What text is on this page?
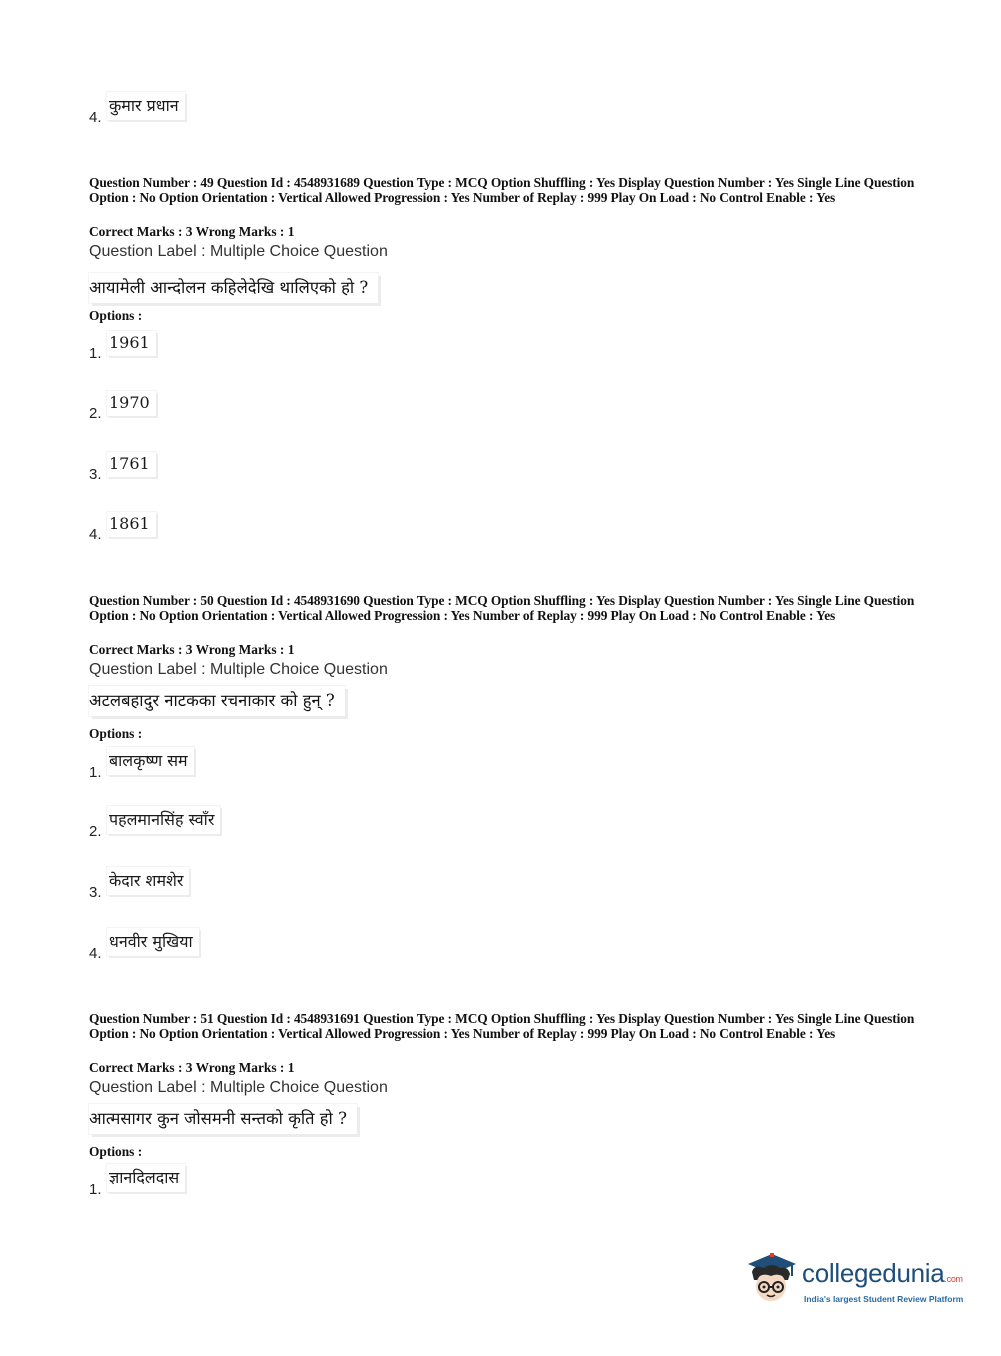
4.
कुमार प्रधान
Question Number : 49 Question Id : 4548931689 Question Type : MCQ Option Shuffling : Yes Display Question Number : Yes Single Line Question Option : No Option Orientation : Vertical Allowed Progression : Yes Number of Replay : 999 Play On Load : No Control Enable : Yes
Correct Marks : 3 Wrong Marks : 1
Question Label : Multiple Choice Question
आयामेली आन्दोलन कहिलेदेखि थालिएको हो ?
Options :
1.
1961
2.
1970
3.
1761
4.
1861
Question Number : 50 Question Id : 4548931690 Question Type : MCQ Option Shuffling : Yes Display Question Number : Yes Single Line Question Option : No Option Orientation : Vertical Allowed Progression : Yes Number of Replay : 999 Play On Load : No Control Enable : Yes
Correct Marks : 3 Wrong Marks : 1
Question Label : Multiple Choice Question
अटलबहादुर नाटकका रचनाकार को हुन् ?
Options :
1.
बालकृष्ण सम
2.
पहलमानसिंह स्वाँर
3.
केदार शमशेर
4.
धनवीर मुखिया
Question Number : 51 Question Id : 4548931691 Question Type : MCQ Option Shuffling : Yes Display Question Number : Yes Single Line Question Option : No Option Orientation : Vertical Allowed Progression : Yes Number of Replay : 999 Play On Load : No Control Enable : Yes
Correct Marks : 3 Wrong Marks : 1
Question Label : Multiple Choice Question
आत्मसागर कुन जोसमनी सन्तको कृति हो ?
Options :
1.
ज्ञानदिलदास
collegedunia.com
India's largest Student Review Platform
